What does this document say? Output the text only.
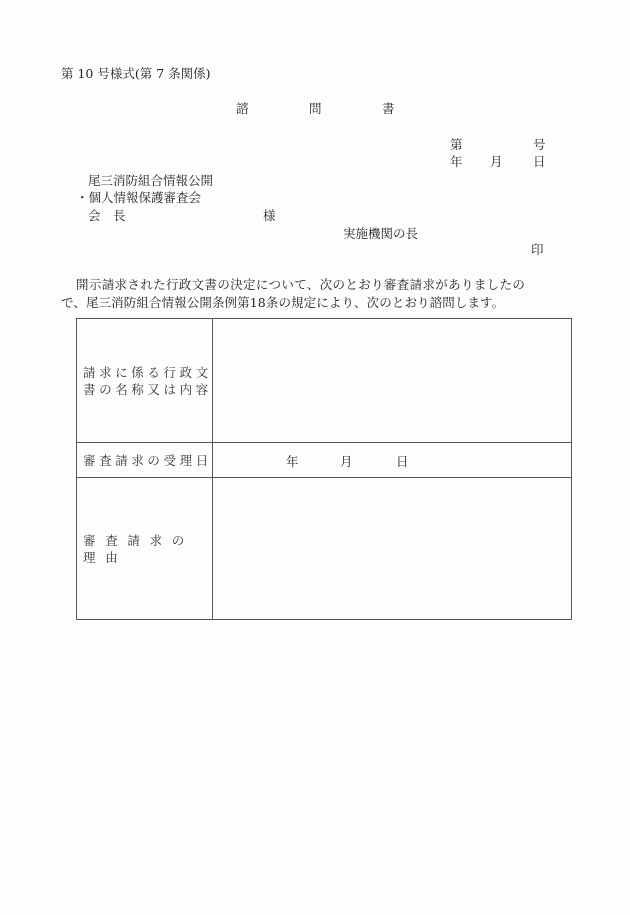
第 10 号様式(第 7 条関係)
諮	問	書
第	号
年 月 日
尾三消防組合情報公開
・個人情報保護審査会
会　長	様
実施機関の長
印
開示請求された行政文書の決定について、次のとおり審査請求がありましたの
で、尾三消防組合情報公開条例第18条の規定により、次のとおり諮問します。
請求に係る行政文
書の名称又は内容	

審査請求の受理日	年 月 日

審査請求の理由	
